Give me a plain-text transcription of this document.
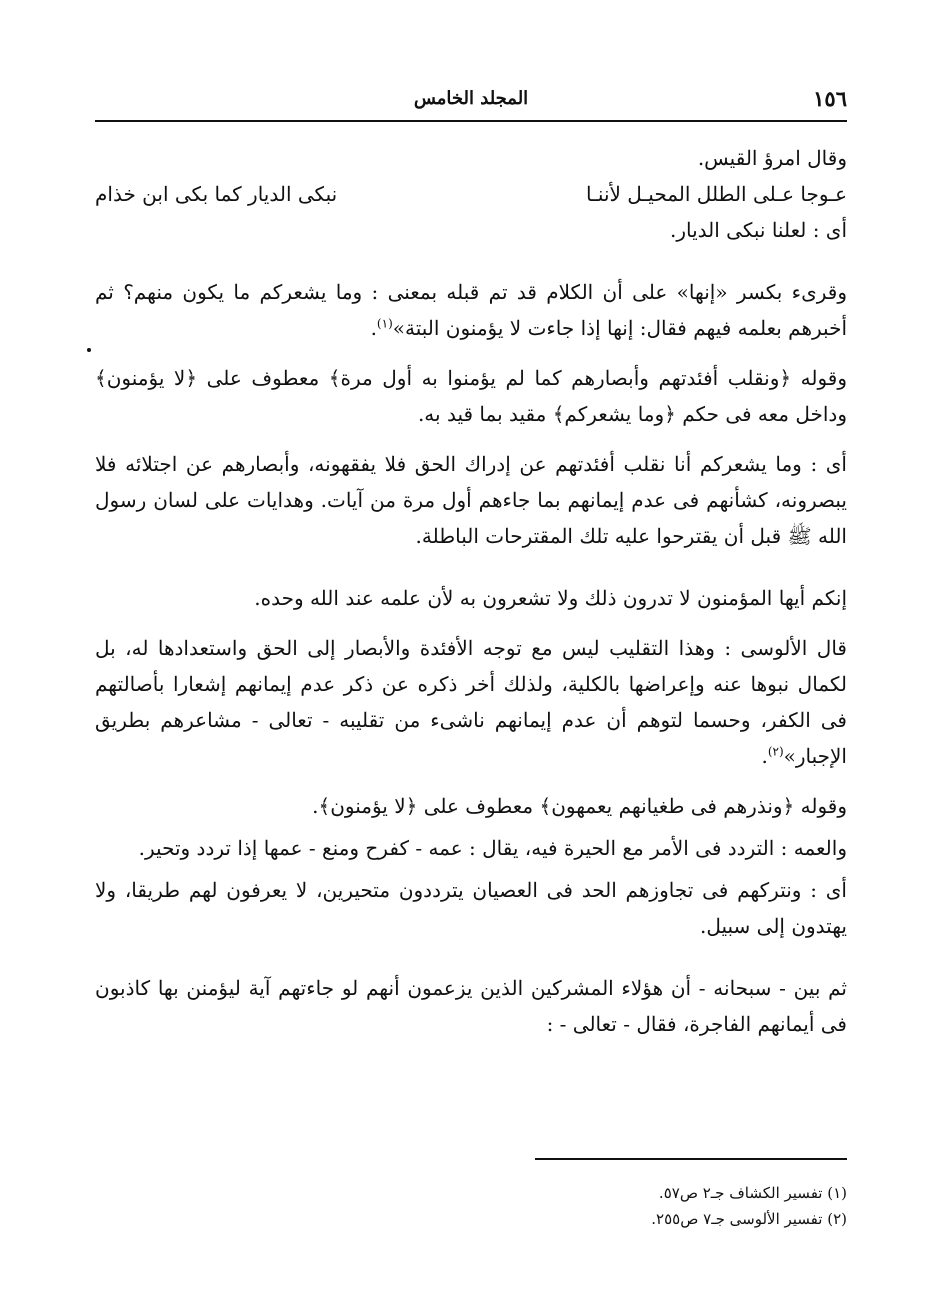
١٥٦
المجلد الخامس

وقال امرؤ القيس.

عـوجا عـلى الطلل المحيـل لأننـا
نبكى الديار كما بكى ابن خذام

أى : لعلنا نبكى الديار.

وقرىء بكسر «إنها» على أن الكلام قد تم قبله بمعنى : وما يشعركم ما يكون منهم؟ ثم أخبرهم بعلمه فيهم فقال: إنها إذا جاءت لا يؤمنون البتة»$^{(١)}$.

وقوله ﴿ونقلب أفئدتهم وأبصارهم كما لم يؤمنوا به أول مرة﴾ معطوف على ﴿لا يؤمنون﴾ وداخل معه فى حكم ﴿وما يشعركم﴾ مقيد بما قيد به.

أى : وما يشعركم أنا نقلب أفئدتهم عن إدراك الحق فلا يفقهونه، وأبصارهم عن اجتلائه فلا يبصرونه، كشأنهم فى عدم إيمانهم بما جاءهم أول مرة من آيات. وهدايات على لسان رسول الله ﷺ قبل أن يقترحوا عليه تلك المقترحات الباطلة.

إنكم أيها المؤمنون لا تدرون ذلك ولا تشعرون به لأن علمه عند الله وحده.

قال الألوسى : وهذا التقليب ليس مع توجه الأفئدة والأبصار إلى الحق واستعدادها له، بل لكمال نبوها عنه وإعراضها بالكلية، ولذلك أخر ذكره عن ذكر عدم إيمانهم إشعارا بأصالتهم فى الكفر، وحسما لتوهم أن عدم إيمانهم ناشىء من تقليبه - تعالى - مشاعرهم بطريق الإجبار»$^{(٢)}$.

وقوله ﴿ونذرهم فى طغيانهم يعمهون﴾ معطوف على ﴿لا يؤمنون﴾.

والعمه : التردد فى الأمر مع الحيرة فيه، يقال : عمه - كفرح ومنع - عمها إذا تردد وتحير.

أى : ونتركهم فى تجاوزهم الحد فى العصيان يترددون متحيرين، لا يعرفون لهم طريقا، ولا يهتدون إلى سبيل.

ثم بين - سبحانه - أن هؤلاء المشركين الذين يزعمون أنهم لو جاءتهم آية ليؤمنن بها كاذبون فى أيمانهم الفاجرة، فقال - تعالى - :

(١) تفسير الكشاف جـ٢ ص٥٧.

(٢) تفسير الألوسى جـ٧ ص٢٥٥.
